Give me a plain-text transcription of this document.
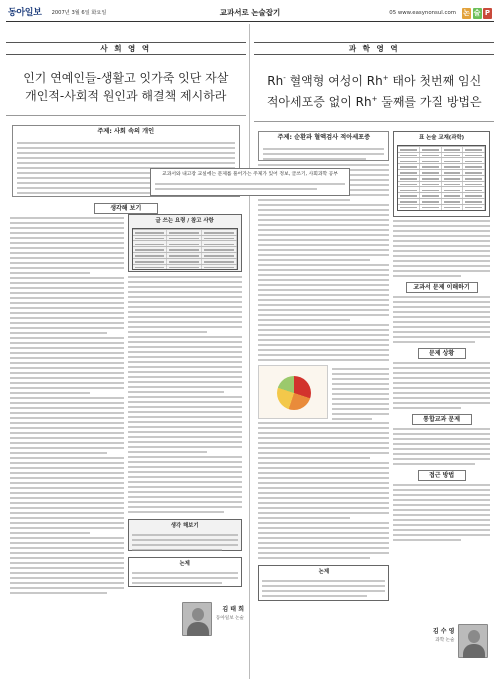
동아일보 2007년 3월 6일 화요일	교과서로 논술잡기	05 www.easynonsul.com 논 술 P
사 회 영 역
인기 연예인들-생활고 잇가죽 잇단 자살
개인적-사회적 원인과 해결책 제시하라
주제: 사회 속의 개인
생각해 보기
글 쓰는 요령 / 참고 사항
생각 해보기
논제
김 태 희
동아일보 논술
과 학 영 역
Rh- 혈액형 여성이 Rh+ 태아 첫번째 임신
적아세포증 없이 Rh+ 둘째를 가질 방법은
주제: 순환과 혈액검사 적아세포증
논제
표 논술 교재(과학)
교과서 문제 이해하기
문제 상황
통합교과 문제
접근 방법
김 수 영
과학 논술
교과서와 내고장 교실에는 문제를 풀어가는 주제가 있어 정보, 글쓰기, 사회과학 공부
